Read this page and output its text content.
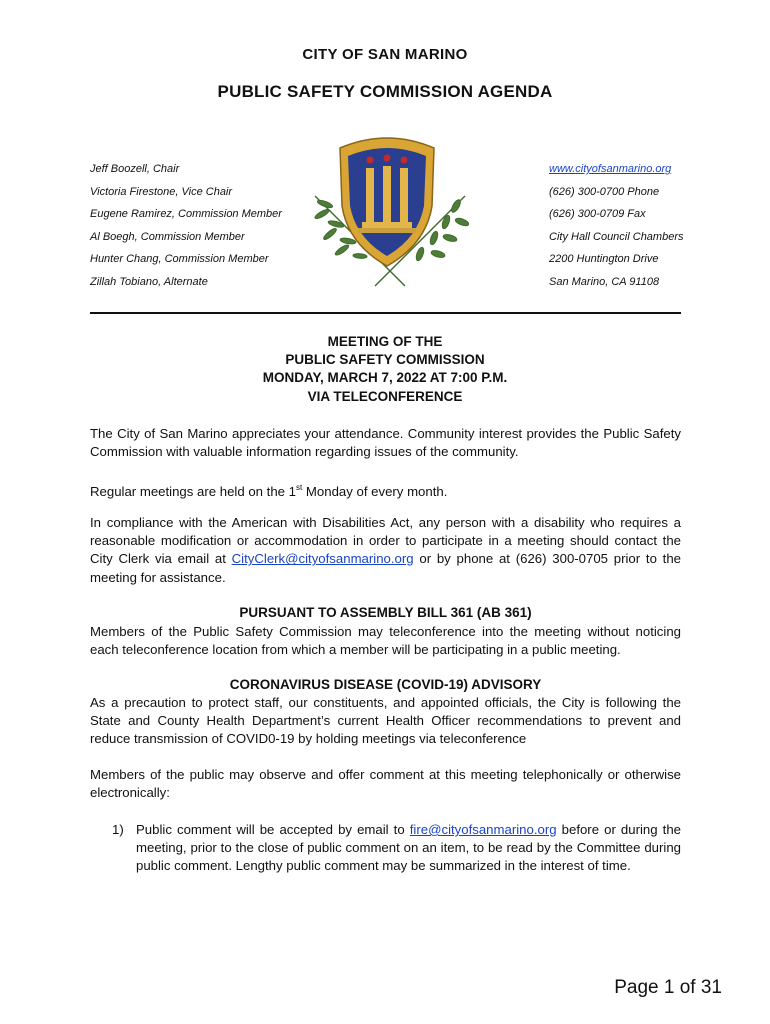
CITY OF SAN MARINO
PUBLIC SAFETY COMMISSION AGENDA
Jeff Boozell, Chair
Victoria Firestone, Vice Chair
Eugene Ramirez, Commission Member
Al Boegh, Commission Member
Hunter Chang, Commission Member
Zillah Tobiano, Alternate
www.cityofsanmarino.org
(626) 300-0700 Phone
(626) 300-0709 Fax
City Hall Council Chambers
2200 Huntington Drive
San Marino, CA 91108
MEETING OF THE
PUBLIC SAFETY COMMISSION
MONDAY, MARCH 7, 2022 AT 7:00 P.M.
VIA TELECONFERENCE
The City of San Marino appreciates your attendance. Community interest provides the Public Safety Commission with valuable information regarding issues of the community.
Regular meetings are held on the 1st Monday of every month.
In compliance with the American with Disabilities Act, any person with a disability who requires a reasonable modification or accommodation in order to participate in a meeting should contact the City Clerk via email at CityClerk@cityofsanmarino.org or by phone at (626) 300-0705 prior to the meeting for assistance.
PURSUANT TO ASSEMBLY BILL 361 (AB 361)
Members of the Public Safety Commission may teleconference into the meeting without noticing each teleconference location from which a member will be participating in a public meeting.
CORONAVIRUS DISEASE (COVID-19) ADVISORY
As a precaution to protect staff, our constituents, and appointed officials, the City is following the State and County Health Department’s current Health Officer recommendations to prevent and reduce transmission of COVID0-19 by holding meetings via teleconference
Members of the public may observe and offer comment at this meeting telephonically or otherwise electronically:
1) Public comment will be accepted by email to fire@cityofsanmarino.org before or during the meeting, prior to the close of public comment on an item, to be read by the Committee during public comment. Lengthy public comment may be summarized in the interest of time.
Page 1 of 31
